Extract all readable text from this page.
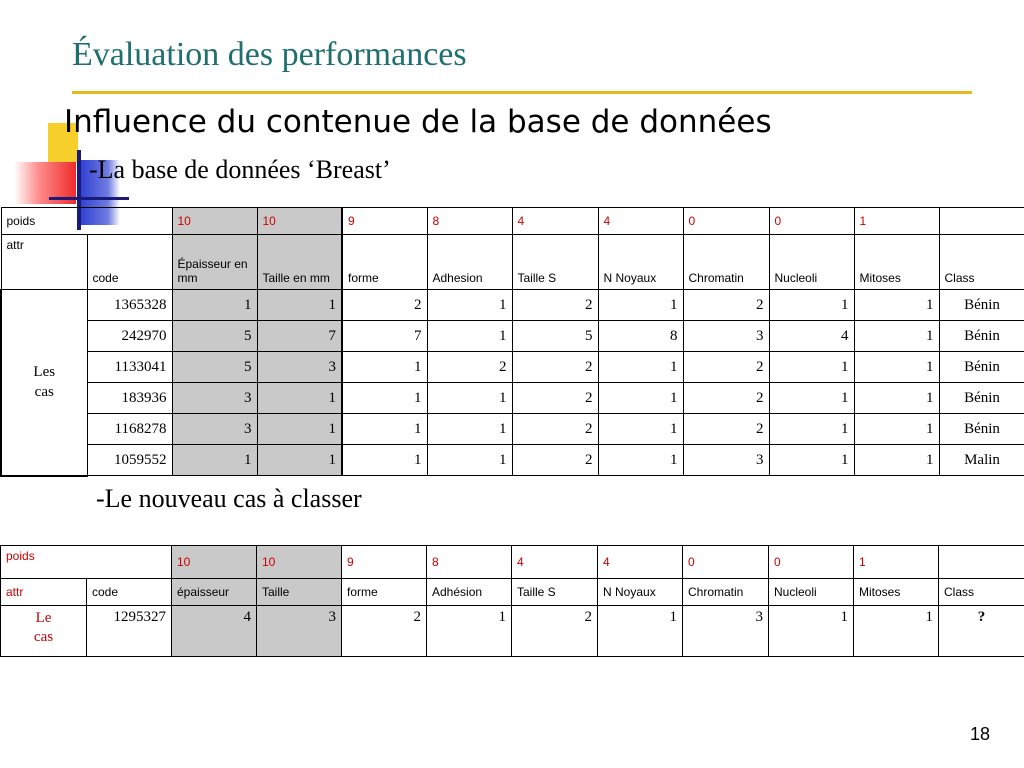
Évaluation des performances
Influence du contenue de la base de données
-La base de données ‘Breast’
poids		10	10	9	8	4	4	0	0	1	
attr	code	Épaisseur en mm	Taille en mm	forme	Adhesion	Taille S	N Noyaux	Chromatin	Nucleoli	Mitoses	Class
Les cas	1365328	1	1	2	1	2	1	2	1	1	Bénin
	242970	5	7	7	1	5	8	3	4	1	Bénin
	1133041	5	3	1	2	2	1	2	1	1	Bénin
	183936	3	1	1	1	2	1	2	1	1	Bénin
	1168278	3	1	1	1	2	1	2	1	1	Bénin
	1059552	1	1	1	1	2	1	3	1	1	Malin
-Le nouveau cas à classer
poids		10	10	9	8	4	4	0	0	1	
attr	code	épaisseur	Taille	forme	Adhésion	Taille S	N Noyaux	Chromatin	Nucleoli	Mitoses	Class
Le cas	1295327	4	3	2	1	2	1	3	1	1	?
18
